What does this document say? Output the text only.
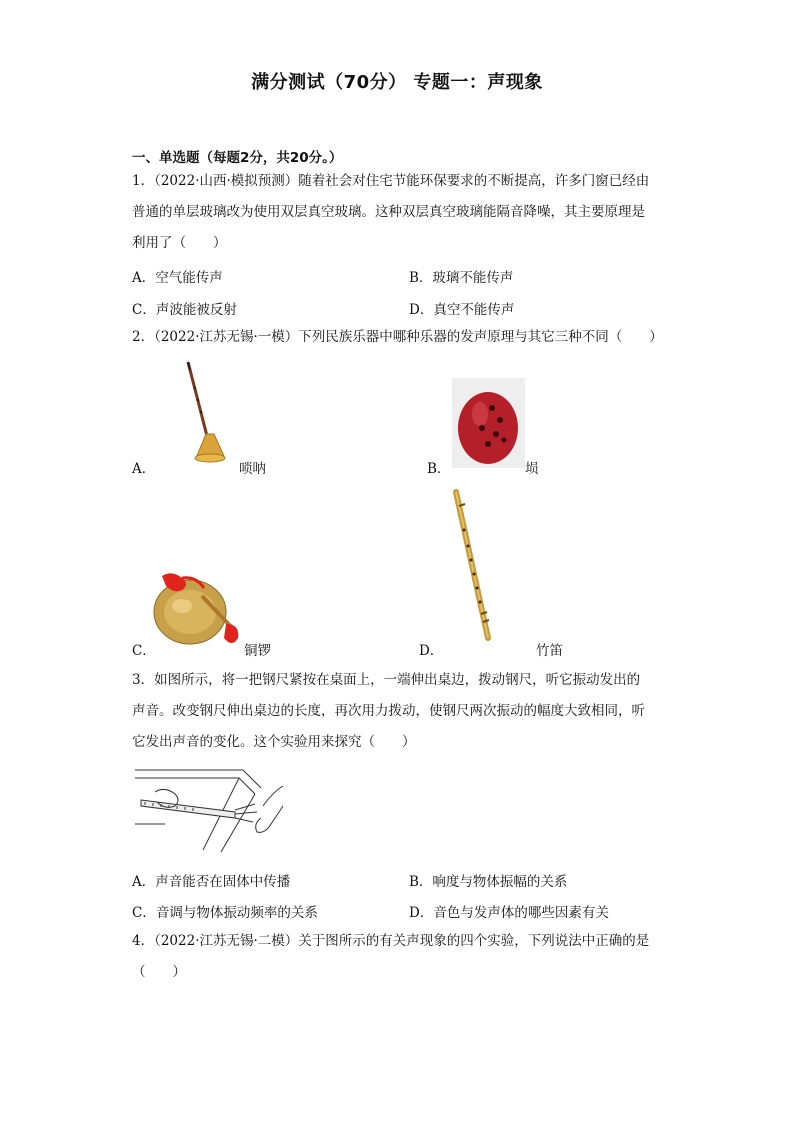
满分测试（70分） 专题一：声现象
一、单选题（每题2分，共20分。）
1．（2022·山西·模拟预测）随着社会对住宅节能环保要求的不断提高，许多门窗已经由
普通的单层玻璃改为使用双层真空玻璃。这种双层真空玻璃能隔音降噪，其主要原理是
利用了（　　）
A．空气能传声	B．玻璃不能传声
C．声波能被反射	D．真空不能传声
2．（2022·江苏无锡·一模）下列民族乐器中哪种乐器的发声原理与其它三种不同（　　）
A．	唢呐	B．	埙
C．	铜锣	D．	竹笛
3．如图所示，将一把钢尺紧按在桌面上，一端伸出桌边，拨动钢尺，听它振动发出的
声音。改变钢尺伸出桌边的长度，再次用力拨动，使钢尺两次振动的幅度大致相同，听
它发出声音的变化。这个实验用来探究（　　）
A．声音能否在固体中传播	B．响度与物体振幅的关系
C．音调与物体振动频率的关系	D．音色与发声体的哪些因素有关
4．（2022·江苏无锡·二模）关于图所示的有关声现象的四个实验，下列说法中正确的是
（　　）
